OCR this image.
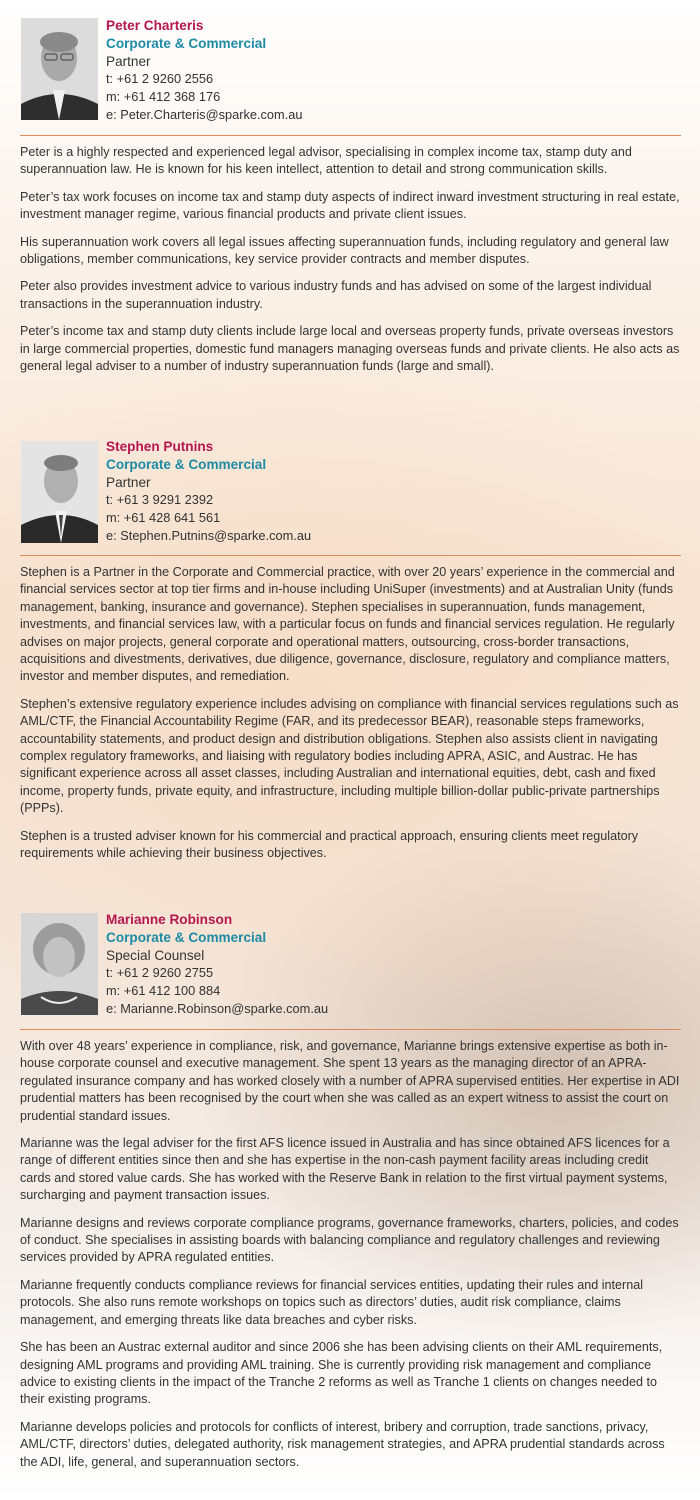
Peter Charteris
Corporate & Commercial
Partner
t: +61 2 9260 2556
m: +61 412 368 176
e: Peter.Charteris@sparke.com.au

Peter is a highly respected and experienced legal advisor, specialising in complex income tax, stamp duty and superannuation law. He is known for his keen intellect, attention to detail and strong communication skills.

Peter’s tax work focuses on income tax and stamp duty aspects of indirect inward investment structuring in real estate, investment manager regime, various financial products and private client issues.

His superannuation work covers all legal issues affecting superannuation funds, including regulatory and general law obligations, member communications, key service provider contracts and member disputes.

Peter also provides investment advice to various industry funds and has advised on some of the largest individual transactions in the superannuation industry.

Peter’s income tax and stamp duty clients include large local and overseas property funds, private overseas investors in large commercial properties, domestic fund managers managing overseas funds and private clients. He also acts as general legal adviser to a number of industry superannuation funds (large and small).

Stephen Putnins
Corporate & Commercial
Partner
t: +61 3 9291 2392
m: +61 428 641 561
e: Stephen.Putnins@sparke.com.au

Stephen is a Partner in the Corporate and Commercial practice, with over 20 years’ experience in the commercial and financial services sector at top tier firms and in-house including UniSuper (investments) and at Australian Unity (funds management, banking, insurance and governance). Stephen specialises in superannuation, funds management, investments, and financial services law, with a particular focus on funds and financial services regulation. He regularly advises on major projects, general corporate and operational matters, outsourcing, cross-border transactions, acquisitions and divestments, derivatives, due diligence, governance, disclosure, regulatory and compliance matters, investor and member disputes, and remediation.

Stephen’s extensive regulatory experience includes advising on compliance with financial services regulations such as AML/CTF, the Financial Accountability Regime (FAR, and its predecessor BEAR), reasonable steps frameworks, accountability statements, and product design and distribution obligations. Stephen also assists client in navigating complex regulatory frameworks, and liaising with regulatory bodies including APRA, ASIC, and Austrac. He has significant experience across all asset classes, including Australian and international equities, debt, cash and fixed income, property funds, private equity, and infrastructure, including multiple billion-dollar public-private partnerships (PPPs).

Stephen is a trusted adviser known for his commercial and practical approach, ensuring clients meet regulatory requirements while achieving their business objectives.

Marianne Robinson
Corporate & Commercial
Special Counsel
t: +61 2 9260 2755
m: +61 412 100 884
e: Marianne.Robinson@sparke.com.au

With over 48 years’ experience in compliance, risk, and governance, Marianne brings extensive expertise as both in-house corporate counsel and executive management. She spent 13 years as the managing director of an APRA-regulated insurance company and has worked closely with a number of APRA supervised entities. Her expertise in ADI prudential matters has been recognised by the court when she was called as an expert witness to assist the court on prudential standard issues.

Marianne was the legal adviser for the first AFS licence issued in Australia and has since obtained AFS licences for a range of different entities since then and she has expertise in the non-cash payment facility areas including credit cards and stored value cards. She has worked with the Reserve Bank in relation to the first virtual payment systems, surcharging and payment transaction issues.

Marianne designs and reviews corporate compliance programs, governance frameworks, charters, policies, and codes of conduct. She specialises in assisting boards with balancing compliance and regulatory challenges and reviewing services provided by APRA regulated entities.

Marianne frequently conducts compliance reviews for financial services entities, updating their rules and internal protocols. She also runs remote workshops on topics such as directors’ duties, audit risk compliance, claims management, and emerging threats like data breaches and cyber risks.

She has been an Austrac external auditor and since 2006 she has been advising clients on their AML requirements, designing AML programs and providing AML training. She is currently providing risk management and compliance advice to existing clients in the impact of the Tranche 2 reforms as well as Tranche 1 clients on changes needed to their existing programs.

Marianne develops policies and protocols for conflicts of interest, bribery and corruption, trade sanctions, privacy, AML/CTF, directors’ duties, delegated authority, risk management strategies, and APRA prudential standards across the ADI, life, general, and superannuation sectors.
